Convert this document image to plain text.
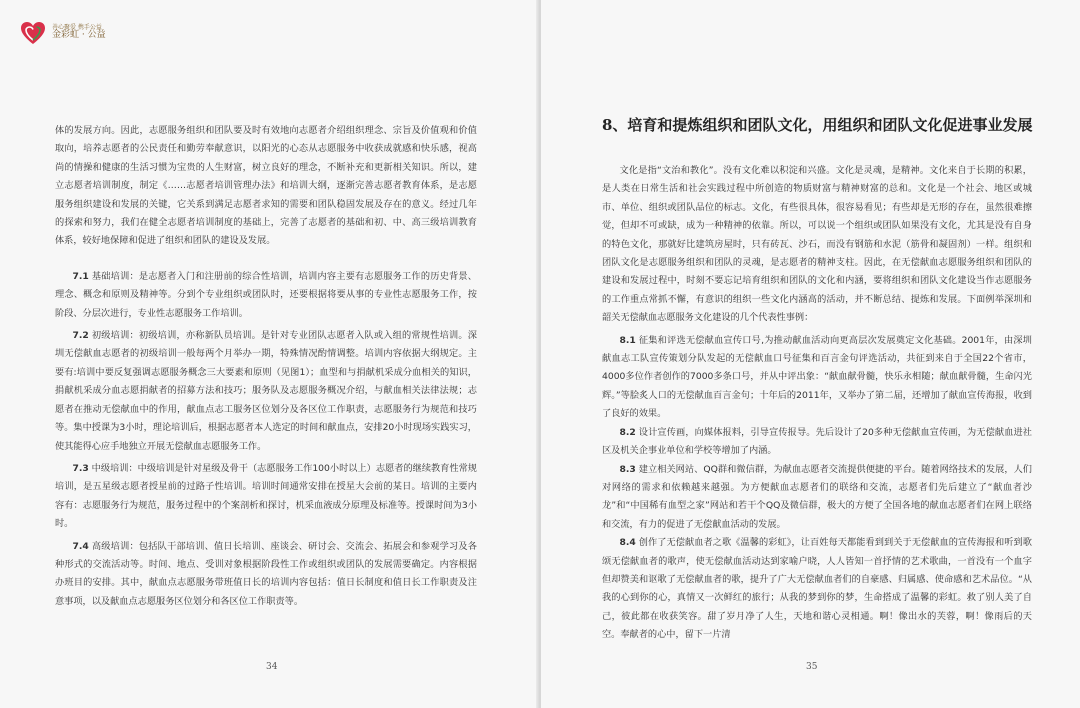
善心聚爱 携手公益
金彩虹 · 公益

体的发展方向。因此，志愿服务组织和团队要及时有效地向志愿者介绍组织理念、宗旨及价值观和价值取向，培养志愿者的公民责任和勤劳奉献意识，以阳光的心态从志愿服务中收获成就感和快乐感，视高尚的情操和健康的生活习惯为宝贵的人生财富，树立良好的理念，不断补充和更新相关知识。所以，建立志愿者培训制度，制定《……志愿者培训管理办法》和培训大纲，逐渐完善志愿者教育体系，是志愿服务组织建设和发展的关键，它关系到满足志愿者求知的需要和团队稳固发展及存在的意义。经过几年的探索和努力，我们在健全志愿者培训制度的基础上，完善了志愿者的基础和初、中、高三级培训教育体系，较好地保障和促进了组织和团队的建设及发展。

7.1 基础培训：是志愿者入门和注册前的综合性培训，培训内容主要有志愿服务工作的历史背景、理念、概念和原则及精神等。分到个专业组织或团队时，还要根据将要从事的专业性志愿服务工作，按阶段、分层次进行，专业性志愿服务工作培训。

7.2 初级培训：初级培训，亦称新队员培训。是针对专业团队志愿者入队或入组的常规性培训。深圳无偿献血志愿者的初级培训一般每两个月举办一期，特殊情况酌情调整。培训内容依据大纲规定。主要有:培训中要反复强调志愿服务概念三大要素和原则（见图1）；血型和与捐献机采成分血相关的知识，捐献机采成分血志愿捐献者的招募方法和技巧；服务队及志愿服务概况介绍，与献血相关法律法规；志愿者在推动无偿献血中的作用，献血点志工服务区位划分及各区位工作职责，志愿服务行为规范和技巧等。集中授课为3小时，理论培训后，根据志愿者本人选定的时间和献血点，安排20小时现场实践实习，使其能得心应手地独立开展无偿献血志愿服务工作。

7.3 中级培训：中级培训是针对星级及骨干（志愿服务工作100小时以上）志愿者的继续教育性常规培训，是五星级志愿者授星前的过路子性培训。培训时间通常安排在授星大会前的某日。培训的主要内容有：志愿服务行为规范，服务过程中的个案剖析和探讨，机采血液成分原理及标准等。授课时间为3小时。

7.4 高级培训：包括队干部培训、值日长培训、座谈会、研讨会、交流会、拓展会和参观学习及各种形式的交流活动等。时间、地点、受训对象根据阶段性工作或组织或团队的发展需要确定。内容根据办班目的安排。其中，献血点志愿服务带班值日长的培训内容包括：值日长制度和值日长工作职责及注意事项，以及献血点志愿服务区位划分和各区位工作职责等。

34
8、培育和提炼组织和团队文化，用组织和团队文化促进事业发展

文化是指“文治和教化”。没有文化难以积淀和兴盛。文化是灵魂，是精神。文化来自于长期的积累，是人类在日常生活和社会实践过程中所创造的物质财富与精神财富的总和。文化是一个社会、地区或城市、单位、组织或团队品位的标志。文化，有些很具体，很容易看见；有些却是无形的存在，虽然很难擦觉，但却不可或缺，成为一种精神的依靠。所以，可以说一个组织或团队如果没有文化，尤其是没有自身的特色文化，那就好比建筑房屋时，只有砖瓦、沙石，而没有钢筋和水泥（筋骨和凝固剂）一样。组织和团队文化是志愿服务组织和团队的灵魂，是志愿者的精神支柱。因此，在无偿献血志愿服务组织和团队的建设和发展过程中，时刻不要忘记培育组织和团队的文化和内涵，要将组织和团队文化建设当作志愿服务的工作重点常抓不懈，有意识的组织一些文化内涵高的活动，并不断总结、提炼和发展。下面例举深圳和韶关无偿献血志愿服务文化建设的几个代表性事例：

8.1 征集和评选无偿献血宣传口号,为推动献血活动向更高层次发展奠定文化基础。2001年，由深圳献血志工队宣传策划分队发起的无偿献血口号征集和百言金句评选活动，共征到来自于全国22个省市，4000多位作者创作的7000多条口号，并从中评出象：“献血献骨髓，快乐永相随；献血献骨髓，生命闪光辉。”等脍炙人口的无偿献血百言金句；十年后的2011年，又举办了第二届，还增加了献血宣传海报，收到了良好的效果。

8.2 设计宣传画，向媒体报料，引导宣传报导。先后设计了20多种无偿献血宣传画，为无偿献血进社区及机关企事业单位和学校等增加了内涵。

8.3 建立相关网站、QQ群和微信群，为献血志愿者交流提供便捷的平台。随着网络技术的发展，人们对网络的需求和依赖越来越强。为方便献血志愿者们的联络和交流，志愿者们先后建立了“献血者沙龙”和“中国稀有血型之家”网站和若干个QQ及微信群，极大的方便了全国各地的献血志愿者们在网上联络和交流，有力的促进了无偿献血活动的发展。

8.4 创作了无偿献血者之歌《温馨的彩虹》，让百姓每天都能看到到关于无偿献血的宣传海报和听到歌颂无偿献血者的歌声，使无偿献血活动达到家喻户晓，人人皆知一首抒情的艺术歌曲，一首没有一个血字但却赞美和讴歌了无偿献血者的歌，提升了广大无偿献血者们的自豪感、归属感、使命感和艺术品位。“从我的心到你的心，真情又一次鲜红的旅行；从我的梦到你的梦，生命搭成了温馨的彩虹。救了别人美了自己，彼此都在收获笑容。甜了岁月净了人生，天地和谐心灵相通。啊！像出水的芙蓉，啊！像雨后的天空。奉献者的心中，留下一片清

35
